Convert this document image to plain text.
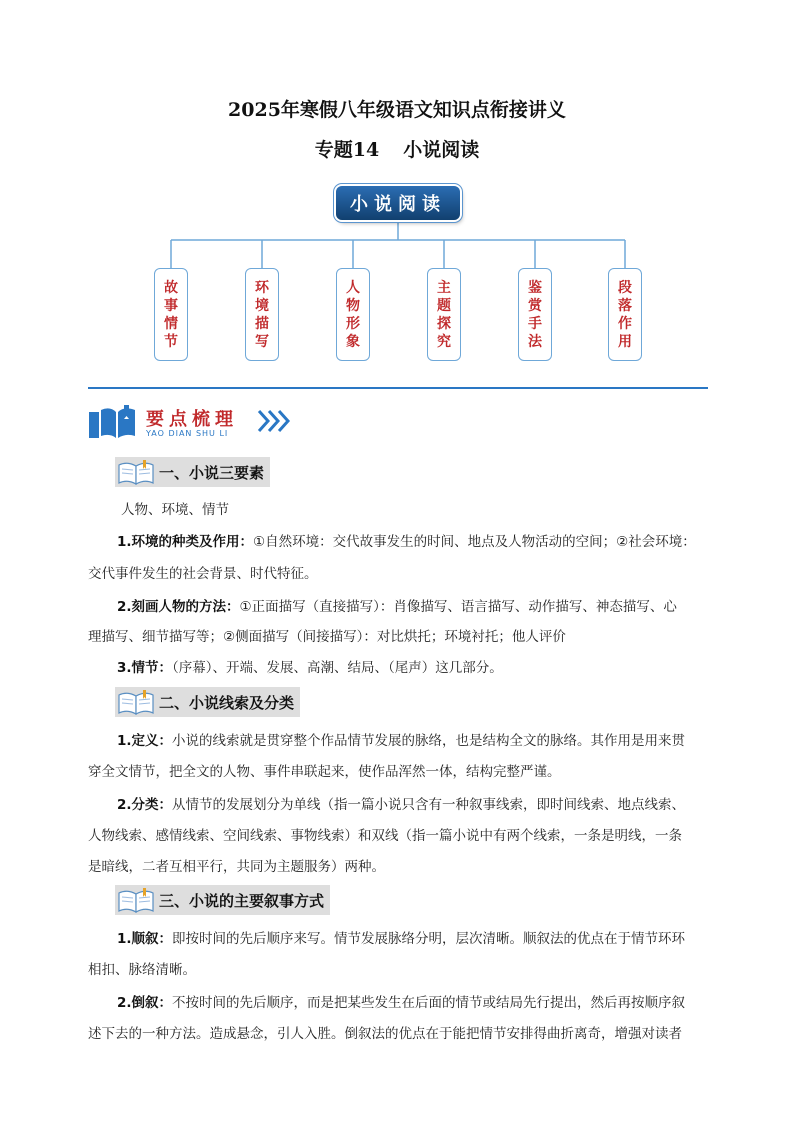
2025年寒假八年级语文知识点衔接讲义
专题14 小说阅读
小说阅读
故事情节
环境描写
人物形象
主题探究
鉴赏手法
段落作用
要点梳理
YAO DIAN SHU LI
一、小说三要素
人物、环境、情节
1.环境的种类及作用：①自然环境：交代故事发生的时间、地点及人物活动的空间；②社会环境：
交代事件发生的社会背景、时代特征。
2.刻画人物的方法：①正面描写（直接描写）：肖像描写、语言描写、动作描写、神态描写、心
理描写、细节描写等；②侧面描写（间接描写）：对比烘托；环境衬托；他人评价
3.情节：（序幕）、开端、发展、高潮、结局、（尾声）这几部分。
二、小说线索及分类
1.定义：小说的线索就是贯穿整个作品情节发展的脉络，也是结构全文的脉络。其作用是用来贯
穿全文情节，把全文的人物、事件串联起来，使作品浑然一体，结构完整严谨。
2.分类：从情节的发展划分为单线（指一篇小说只含有一种叙事线索，即时间线索、地点线索、
人物线索、感情线索、空间线索、事物线索）和双线（指一篇小说中有两个线索，一条是明线，一条
是暗线，二者互相平行，共同为主题服务）两种。
三、小说的主要叙事方式
1.顺叙：即按时间的先后顺序来写。情节发展脉络分明，层次清晰。顺叙法的优点在于情节环环
相扣、脉络清晰。
2.倒叙：不按时间的先后顺序，而是把某些发生在后面的情节或结局先行提出，然后再按顺序叙
述下去的一种方法。造成悬念，引人入胜。倒叙法的优点在于能把情节安排得曲折离奇，增强对读者
